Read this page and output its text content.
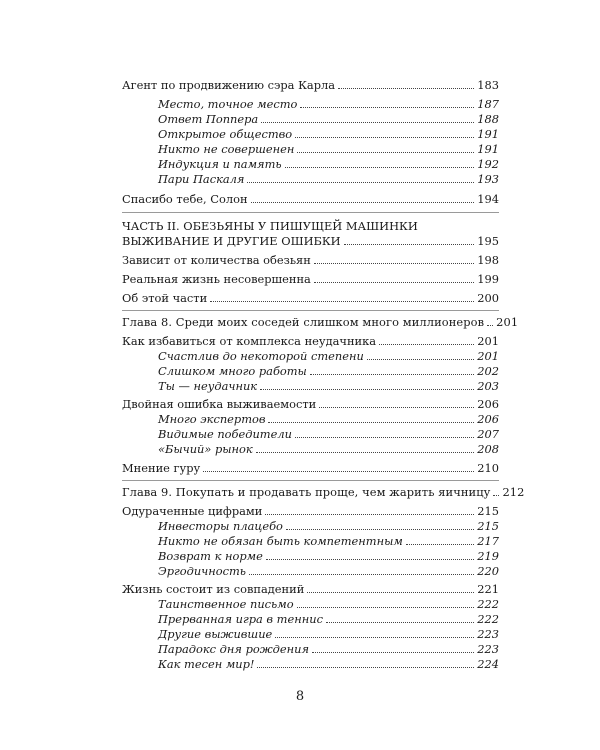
Агент по продвижению сэра Карла	183
Место, точное место	187
Ответ Поппера	188
Открытое общество	191
Никто не совершенен	191
Индукция и память	192
Пари Паскаля	193
Спасибо тебе, Солон	194
ЧАСТЬ II. ОБЕЗЬЯНЫ У ПИШУЩЕЙ МАШИНКИ
ВЫЖИВАНИЕ И ДРУГИЕ ОШИБКИ	195
Зависит от количества обезьян	198
Реальная жизнь несовершенна	199
Об этой части	200
Глава 8. Среди моих соседей слишком много миллионеров 201
Как избавиться от комплекса неудачника	201
Счастлив до некоторой степени	201
Слишком много работы	202
Ты — неудачник	203
Двойная ошибка выживаемости	206
Много экспертов	206
Видимые победители	207
«Бычий» рынок	208
Мнение гуру	210
Глава 9. Покупать и продавать проще, чем жарить яичницу 212
Одураченные цифрами	215
Инвесторы плацебо	215
Никто не обязан быть компетентным	217
Возврат к норме	219
Эргодичность	220
Жизнь состоит из совпадений	221
Таинственное письмо	222
Прерванная игра в теннис	222
Другие выжившие	223
Парадокс дня рождения	223
Как тесен мир!	224
8
